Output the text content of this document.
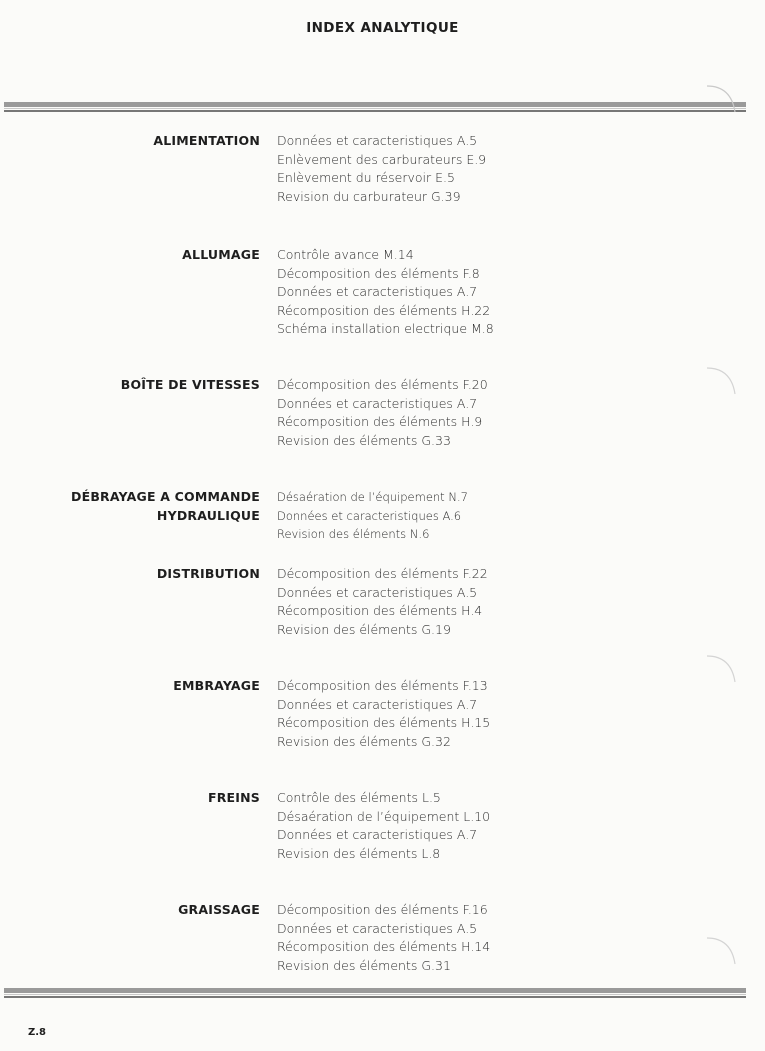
INDEX ANALYTIQUE
ALIMENTATION Données et caracteristiques A.5
Enlèvement des carburateurs E.9
Enlèvement du réservoir E.5
Revision du carburateur G.39
ALLUMAGE Contrôle avance M.14
Décomposition des éléments F.8
Données et caracteristiques A.7
Récomposition des éléments H.22
Schéma installation electrique M.8
BOÎTE DE VITESSES Décomposition des éléments F.20
Données et caracteristiques A.7
Récomposition des éléments H.9
Revision des éléments G.33
DÉBRAYAGE A COMMANDE
HYDRAULIQUE
Désaération de l’équipement N.7
Données et caracteristiques A.6
Revision des éléments N.6
DISTRIBUTION Décomposition des éléments F.22
Données et caracteristiques A.5
Récomposition des éléments H.4
Revision des éléments G.19
EMBRAYAGE Décomposition des éléments F.13
Données et caracteristiques A.7
Récomposition des éléments H.15
Revision des éléments G.32
FREINS Contrôle des éléments L.5
Désaération de l’équipement L.10
Données et caracteristiques A.7
Revision des éléments L.8
GRAISSAGE Décomposition des éléments F.16
Données et caracteristiques A.5
Récomposition des éléments H.14
Revision des éléments G.31
Z.8
